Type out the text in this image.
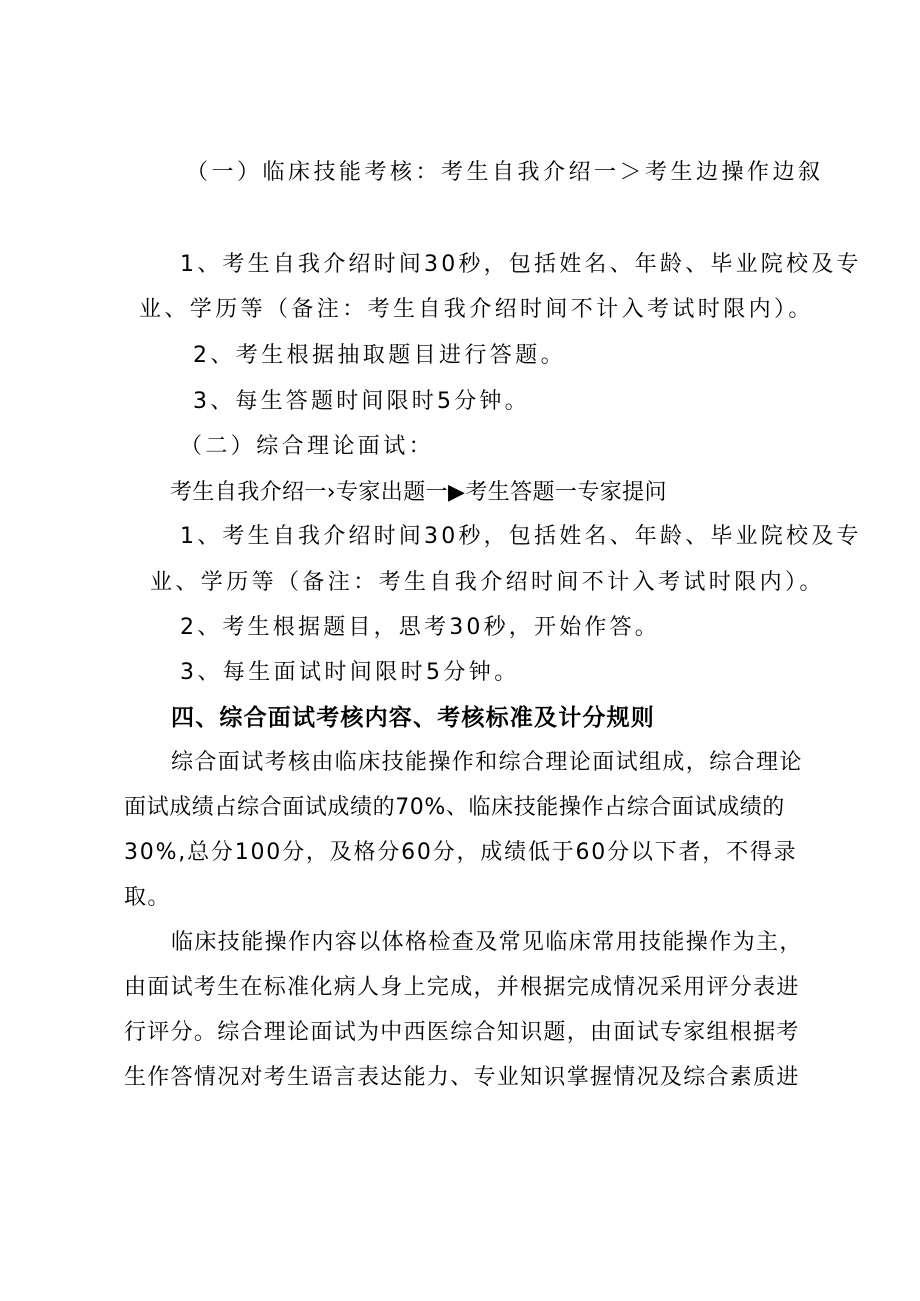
（一）临床技能考核：考生自我介绍一＞考生边操作边叙
1、考生自我介绍时间30秒，包括姓名、年龄、毕业院校及专
业、学历等（备注：考生自我介绍时间不计入考试时限内）。
2、考生根据抽取题目进行答题。
3、每生答题时间限时5分钟。
（二）综合理论面试：
考生自我介绍一›专家出题一▶考生答题一专家提问
1、考生自我介绍时间30秒，包括姓名、年龄、毕业院校及专
业、学历等（备注：考生自我介绍时间不计入考试时限内）。
2、考生根据题目，思考30秒，开始作答。
3、每生面试时间限时5分钟。
四、综合面试考核内容、考核标准及计分规则
综合面试考核由临床技能操作和综合理论面试组成，综合理论
面试成绩占综合面试成绩的70%、临床技能操作占综合面试成绩的
30%,总分100分，及格分60分，成绩低于60分以下者，不得录
取。
临床技能操作内容以体格检查及常见临床常用技能操作为主，
由面试考生在标准化病人身上完成，并根据完成情况采用评分表进
行评分。综合理论面试为中西医综合知识题，由面试专家组根据考
生作答情况对考生语言表达能力、专业知识掌握情况及综合素质进
